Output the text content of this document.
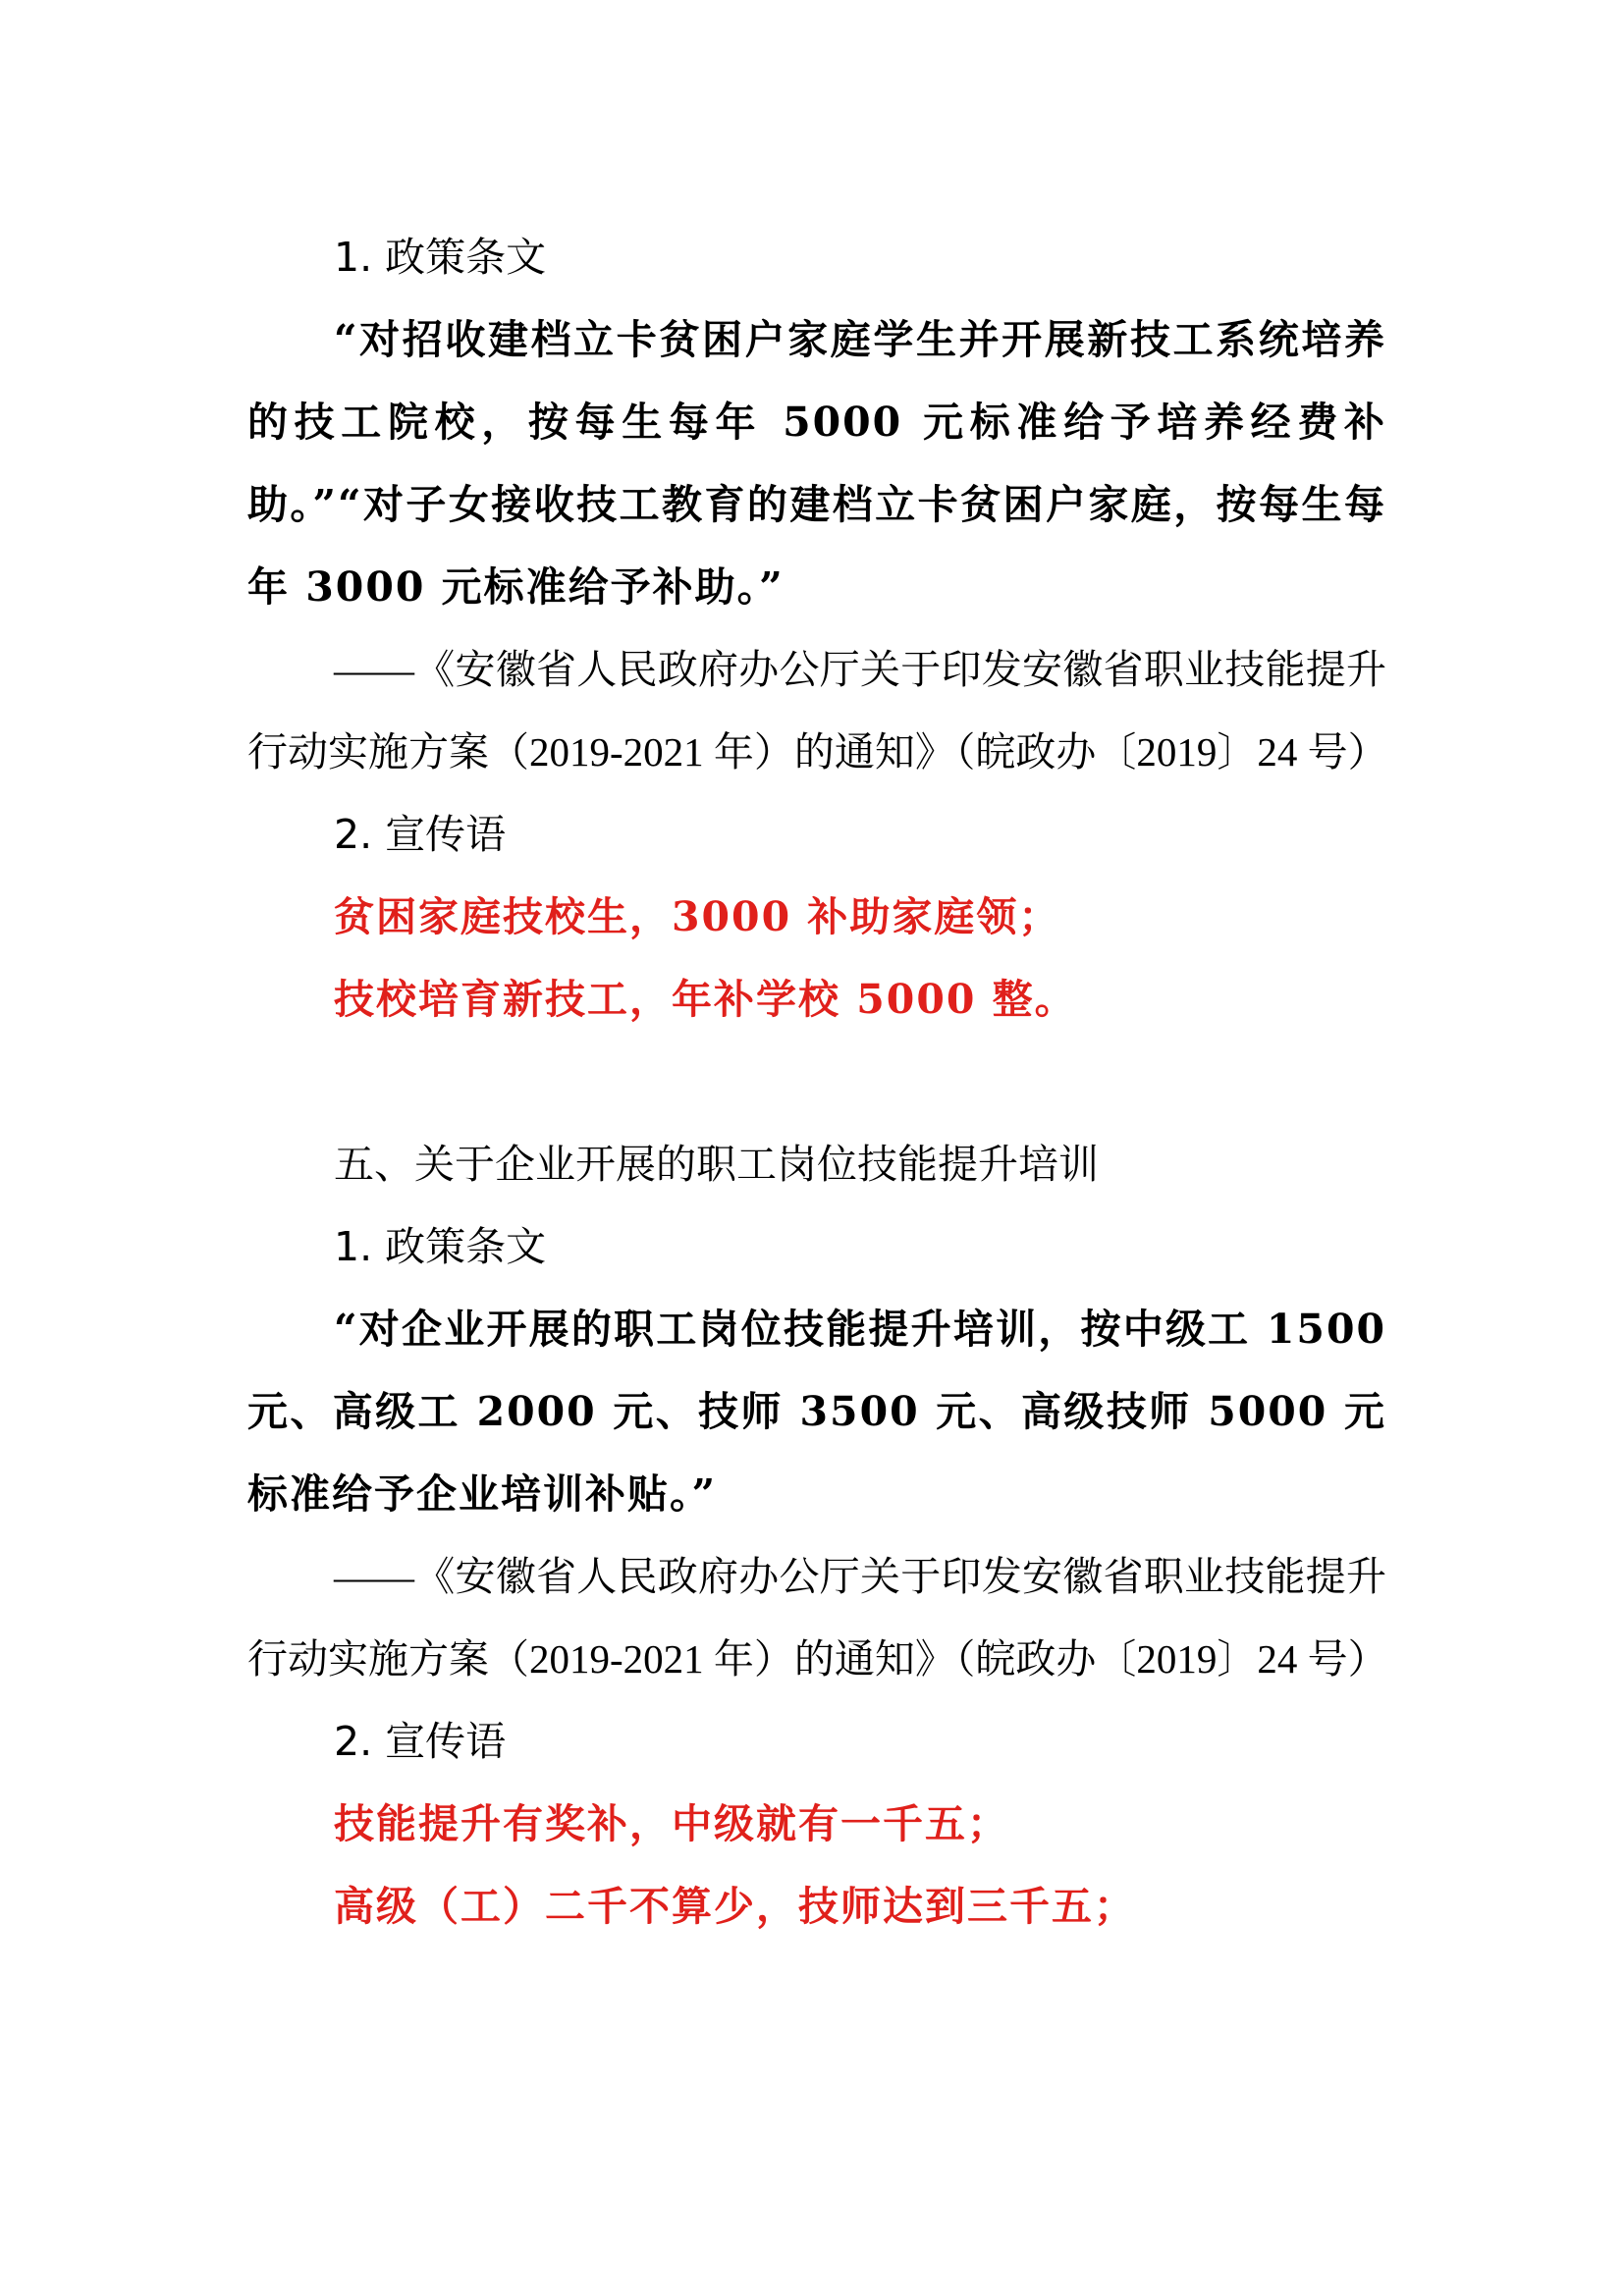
1. 政策条文

“对招收建档立卡贫困户家庭学生并开展新技工系统培养的技工院校，按每生每年 5000 元标准给予培养经费补助。”“对子女接收技工教育的建档立卡贫困户家庭，按每生每年 3000 元标准给予补助。”

——《安徽省人民政府办公厅关于印发安徽省职业技能提升行动实施方案（2019-2021 年）的通知》（皖政办〔2019〕24 号）

2. 宣传语

贫困家庭技校生，3000 补助家庭领；

技校培育新技工，年补学校 5000 整。

五、关于企业开展的职工岗位技能提升培训

1. 政策条文

“对企业开展的职工岗位技能提升培训，按中级工 1500 元、高级工 2000 元、技师 3500 元、高级技师 5000 元标准给予企业培训补贴。”

——《安徽省人民政府办公厅关于印发安徽省职业技能提升行动实施方案（2019-2021 年）的通知》（皖政办〔2019〕24 号）

2. 宣传语

技能提升有奖补，中级就有一千五；

高级（工）二千不算少，技师达到三千五；
